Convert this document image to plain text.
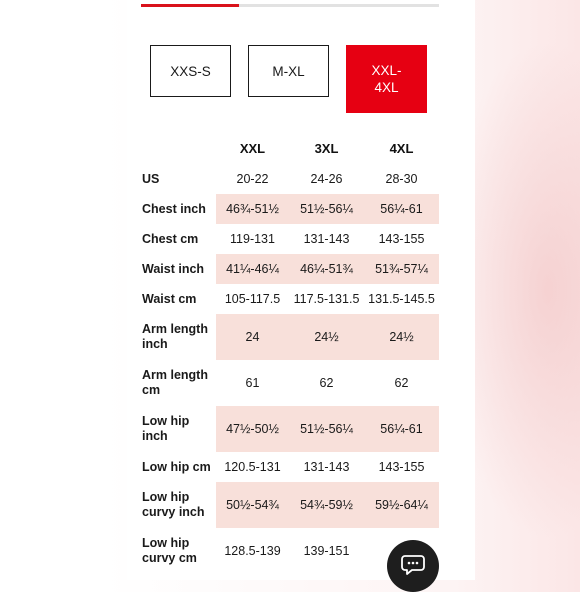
XXS-S	M-XL	XXL-4XL
	XXL	3XL	4XL
US	20-22	24-26	28-30
Chest inch	46¾-51½	51½-56¼	56¼-61
Chest cm	119-131	131-143	143-155
Waist inch	41¼-46¼	46¼-51¾	51¾-57¼
Waist cm	105-117.5	117.5-131.5	131.5-145.5
Arm length inch	24	24½	24½
Arm length cm	61	62	62
Low hip inch	47½-50½	51½-56¼	56¼-61
Low hip cm	120.5-131	131-143	143-155
Low hip curvy inch	50½-54¾	54¾-59½	59½-64¼
Low hip curvy cm	128.5-139	139-151	
